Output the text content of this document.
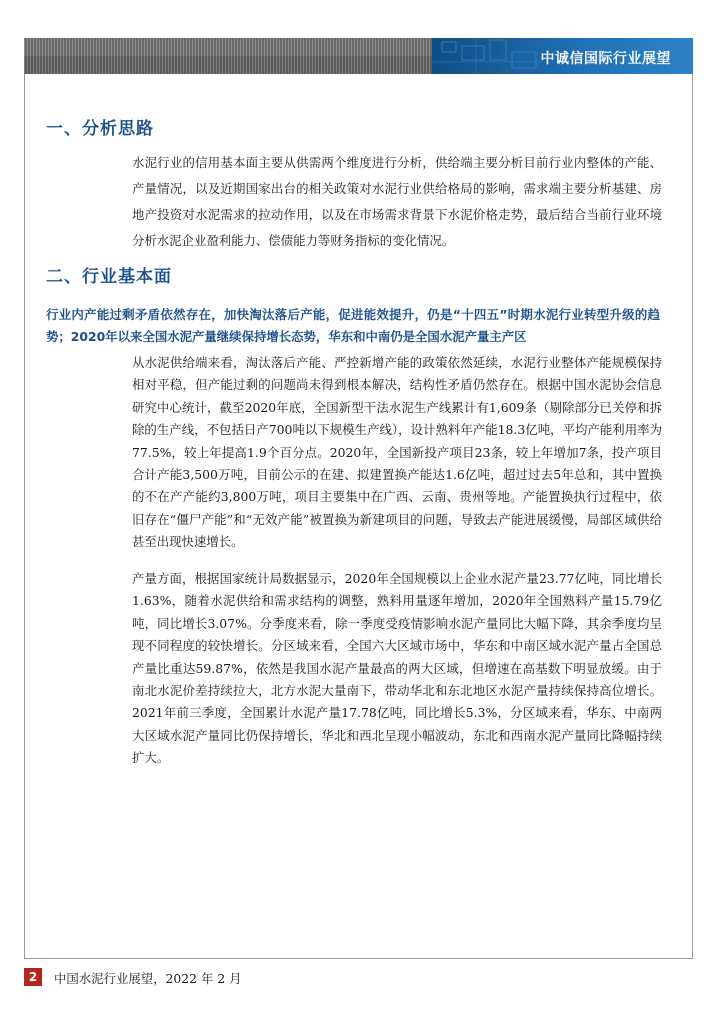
中诚信国际行业展望
一、分析思路
水泥行业的信用基本面主要从供需两个维度进行分析，供给端主要分析目前行业内整体的产能、产量情况，以及近期国家出台的相关政策对水泥行业供给格局的影响，需求端主要分析基建、房地产投资对水泥需求的拉动作用，以及在市场需求背景下水泥价格走势，最后结合当前行业环境分析水泥企业盈利能力、偿债能力等财务指标的变化情况。
二、行业基本面
行业内产能过剩矛盾依然存在，加快淘汰落后产能，促进能效提升，仍是“十四五”时期水泥行业转型升级的趋势；2020年以来全国水泥产量继续保持增长态势，华东和中南仍是全国水泥产量主产区
从水泥供给端来看，淘汰落后产能、严控新增产能的政策依然延续，水泥行业整体产能规模保持相对平稳，但产能过剩的问题尚未得到根本解决，结构性矛盾仍然存在。根据中国水泥协会信息研究中心统计，截至2020年底，全国新型干法水泥生产线累计有1,609条（剔除部分已关停和拆除的生产线，不包括日产700吨以下规模生产线），设计熟料年产能18.3亿吨，平均产能利用率为77.5%，较上年提高1.9个百分点。2020年，全国新投产项目23条，较上年增加7条，投产项目合计产能3,500万吨，目前公示的在建、拟建置换产能达1.6亿吨，超过过去5年总和，其中置换的不在产产能约3,800万吨，项目主要集中在广西、云南、贵州等地。产能置换执行过程中，依旧存在“僵尸产能”和“无效产能”被置换为新建项目的问题，导致去产能进展缓慢，局部区域供给甚至出现快速增长。
产量方面，根据国家统计局数据显示，2020年全国规模以上企业水泥产量23.77亿吨，同比增长1.63%，随着水泥供给和需求结构的调整，熟料用量逐年增加，2020年全国熟料产量15.79亿吨，同比增长3.07%。分季度来看，除一季度受疫情影响水泥产量同比大幅下降，其余季度均呈现不同程度的较快增长。分区域来看，全国六大区域市场中，华东和中南区域水泥产量占全国总产量比重达59.87%，依然是我国水泥产量最高的两大区域，但增速在高基数下明显放缓。由于南北水泥价差持续拉大，北方水泥大量南下，带动华北和东北地区水泥产量持续保持高位增长。2021年前三季度，全国累计水泥产量17.78亿吨，同比增长5.3%，分区域来看，华东、中南两大区域水泥产量同比仍保持增长，华北和西北呈现小幅波动，东北和西南水泥产量同比降幅持续扩大。
2	中国水泥行业展望，2022 年 2 月
